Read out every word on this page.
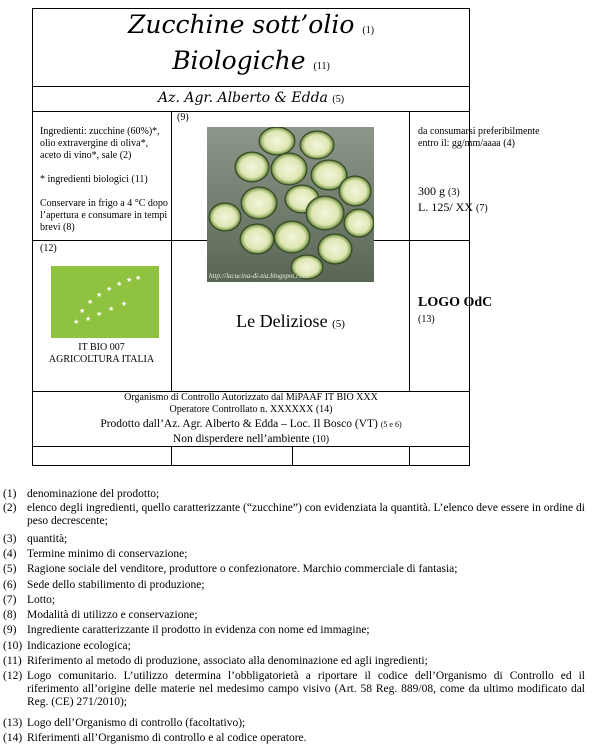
Zucchine sott’olio (1)
Biologiche (11)
Az. Agr. Alberto & Edda (5)
Ingredienti: zucchine (60%)*, olio extravergine di oliva*, aceto di vino*, sale (2)
* ingredienti biologici (11)
Conservare in frigo a 4 °C dopo l’apertura e consumare in tempi brevi (8)
(9)
http://lacucina-di-zia.blogspot.com
Le Deliziose (5)
da consumarsi preferibilmente entro il: gg/mm/aaaa (4)
300 g (3)
L. 125/ XX (7)
(12)
★
★
★
★
★
★ ★ ★
★
★
★
★
IT BIO 007
AGRICOLTURA ITALIA
LOGO OdC
(13)
Organismo di Controllo Autorizzato dal MiPAAF IT BIO XXX
Operatore Controllato n. XXXXXX (14)
Prodotto dall’Az. Agr. Alberto & Edda – Loc. Il Bosco (VT) (5 e 6)
Non disperdere nell’ambiente (10)
(1) denominazione del prodotto;
(2) elenco degli ingredienti, quello caratterizzante (“zucchine”) con evidenziata la quantità. L’elenco deve essere in ordine di peso decrescente;
(3) quantità;
(4) Termine minimo di conservazione;
(5) Ragione sociale del venditore, produttore o confezionatore. Marchio commerciale di fantasia;
(6) Sede dello stabilimento di produzione;
(7) Lotto;
(8) Modalità di utilizzo e conservazione;
(9) Ingrediente caratterizzante il prodotto in evidenza con nome ed immagine;
(10) Indicazione ecologica;
(11) Riferimento al metodo di produzione, associato alla denominazione ed agli ingredienti;
(12) Logo comunitario. L’utilizzo determina l’obbligatorietà a riportare il codice dell’Organismo di Controllo ed il riferimento all’origine delle materie nel medesimo campo visivo (Art. 58 Reg. 889/08, come da ultimo modificato dal Reg. (CE) 271/2010);
(13) Logo dell’Organismo di controllo (facoltativo);
(14) Riferimenti all’Organismo di controllo e al codice operatore.
